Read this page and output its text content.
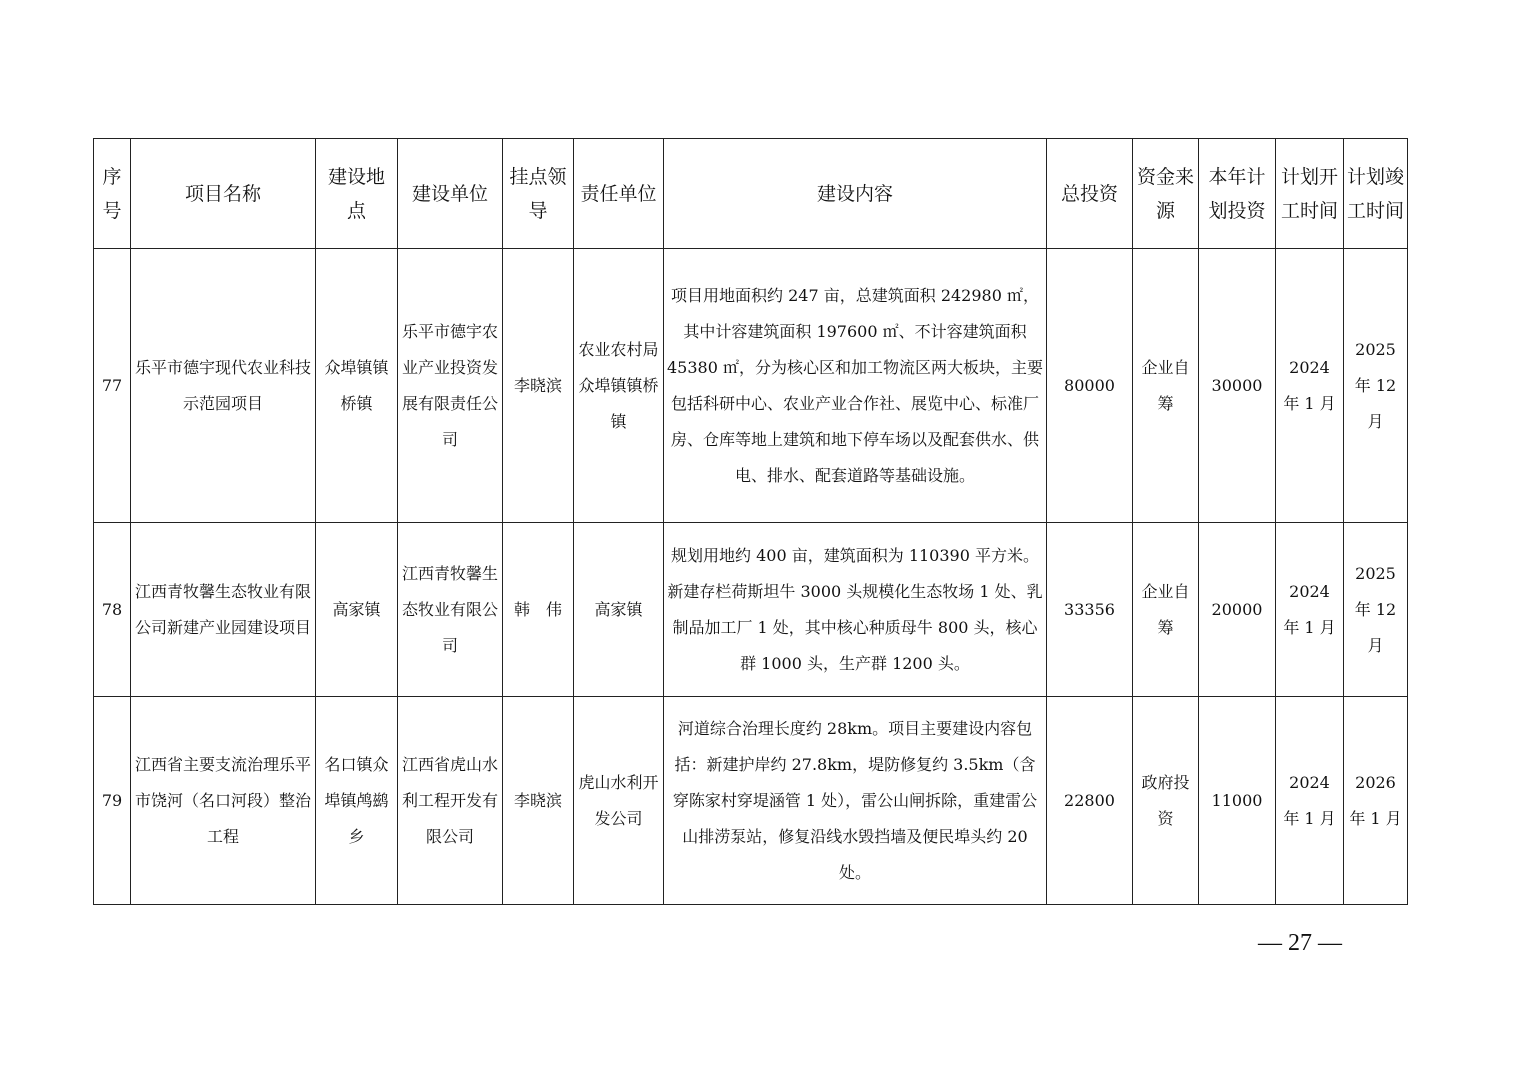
序号	项目名称	建设地点	建设单位	挂点领导	责任单位	建设内容	总投资	资金来源	本年计划投资	计划开工时间	计划竣工时间
77	乐平市德宇现代农业科技示范园项目	众埠镇镇桥镇	乐平市德宇农业产业投资发展有限责任公司	李晓滨	农业农村局众埠镇镇桥镇	项目用地面积约 247 亩，总建筑面积 242980 ㎡，其中计容建筑面积 197600 ㎡、不计容建筑面积 45380 ㎡，分为核心区和加工物流区两大板块，主要包括科研中心、农业产业合作社、展览中心、标准厂房、仓库等地上建筑和地下停车场以及配套供水、供电、排水、配套道路等基础设施。	80000	企业自筹	30000	2024 年 1 月	2025 年 12 月
78	江西青牧馨生态牧业有限公司新建产业园建设项目	高家镇	江西青牧馨生态牧业有限公司	韩　伟	高家镇	规划用地约 400 亩，建筑面积为 110390 平方米。新建存栏荷斯坦牛 3000 头规模化生态牧场 1 处、乳制品加工厂 1 处，其中核心种质母牛 800 头，核心群 1000 头，生产群 1200 头。	33356	企业自筹	20000	2024 年 1 月	2025 年 12 月
79	江西省主要支流治理乐平市饶河（名口河段）整治工程	名口镇众埠镇鸬鹚乡	江西省虎山水利工程开发有限公司	李晓滨	虎山水利开发公司	河道综合治理长度约 28km。项目主要建设内容包括：新建护岸约 27.8km，堤防修复约 3.5km（含穿陈家村穿堤涵管 1 处），雷公山闸拆除，重建雷公山排涝泵站，修复沿线水毁挡墙及便民埠头约 20 处。	22800	政府投资	11000	2024 年 1 月	2026 年 1 月
— 27 —
